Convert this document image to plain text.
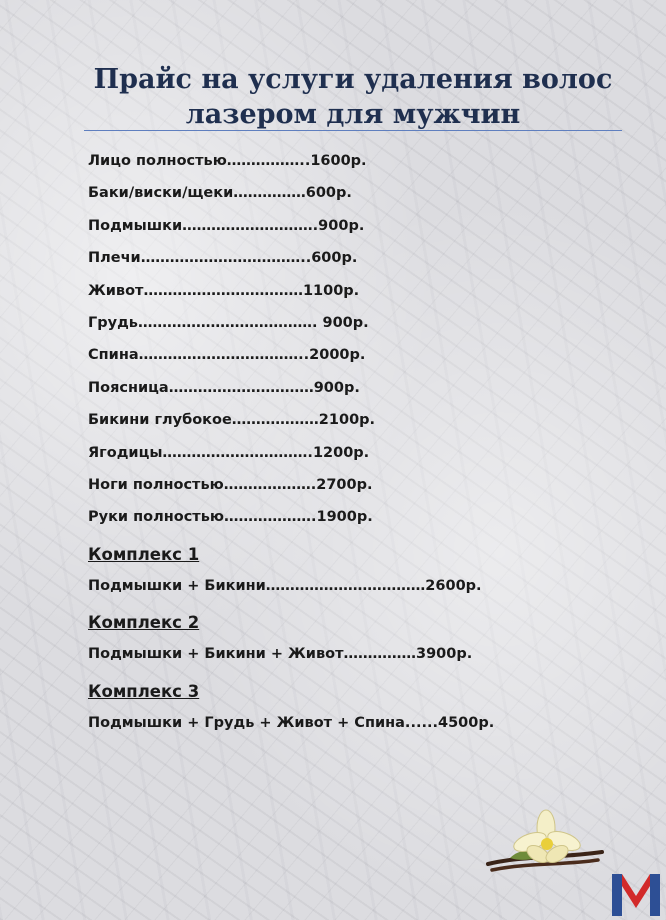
Прайс на услуги удаления волос
лазером для мужчин
Лицо полностью……………..1600р.
Баки/виски/щеки……………600р.
Подмышки……………………….900р.
Плечи……………………………..600р.
Живот……………………………1100р.
Грудь………………………………. 900р.
Спина……………………………..2000р.
Поясница…………………………900р.
Бикини глубокое………………2100р.
Ягодицы………………………….1200р.
Ноги полностью……………….2700р.
Руки полностью……………….1900р.
Комплекс 1
Подмышки + Бикини……………………………2600р.
Комплекс 2
Подмышки + Бикини + Живот……………3900р.
Комплекс 3
Подмышки + Грудь + Живот + Спина......4500р.
